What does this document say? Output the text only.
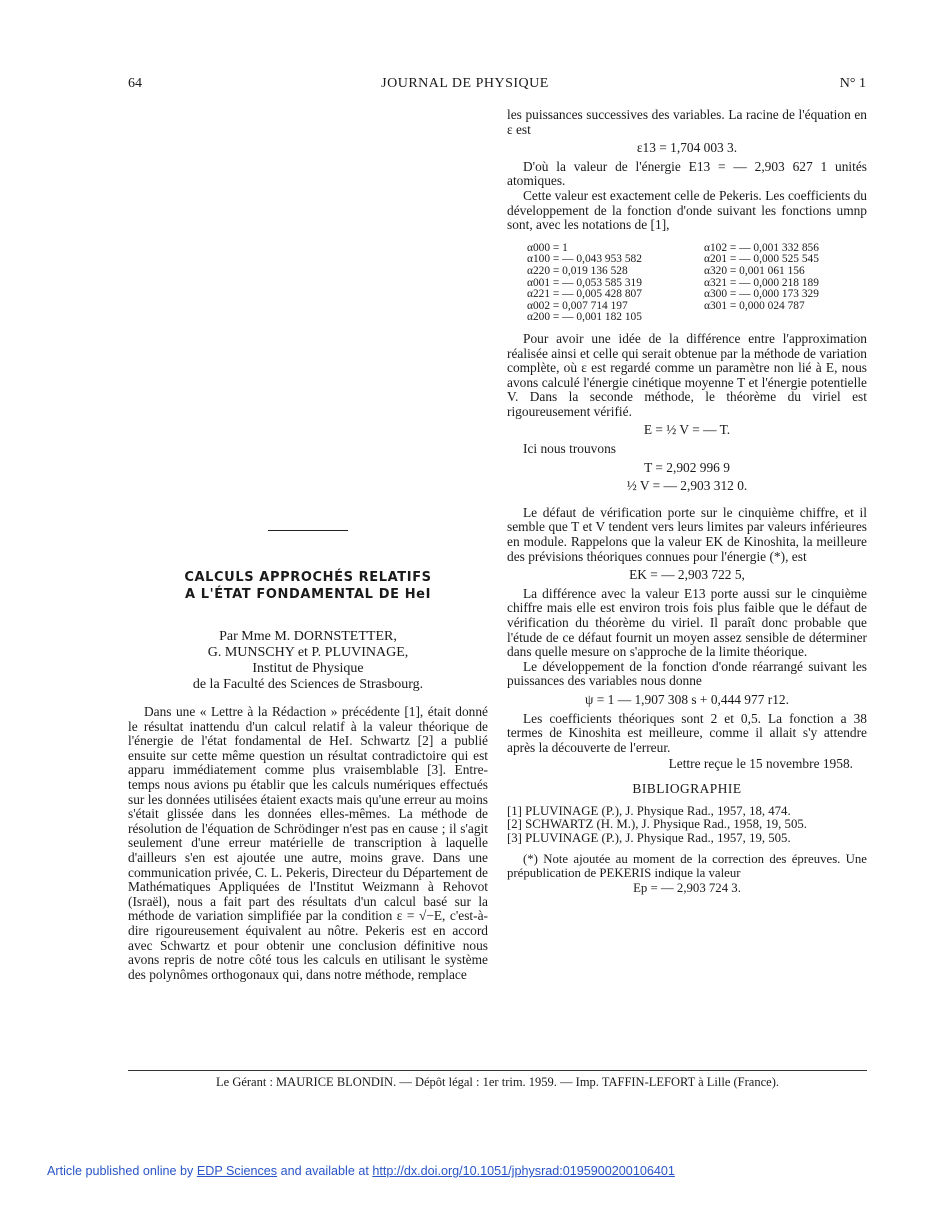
64	JOURNAL DE PHYSIQUE	N° 1
CALCULS APPROCHÉS RELATIFS
A L'ÉTAT FONDAMENTAL DE HeI
Par Mme M. DORNSTETTER,
G. MUNSCHY et P. PLUVINAGE,
Institut de Physique
de la Faculté des Sciences de Strasbourg.

Dans une « Lettre à la Rédaction » précédente [1], était donné le résultat inattendu d'un calcul relatif à la valeur théorique de l'énergie de l'état fondamental de HeI. Schwartz [2] a publié ensuite sur cette même question un résultat contradictoire qui est apparu immédiatement comme plus vraisemblable [3]. Entre-temps nous avions pu établir que les calculs numériques effectués sur les données utilisées étaient exacts mais qu'une erreur au moins s'était glissée dans les données elles-mêmes. La méthode de résolution de l'équation de Schrödinger n'est pas en cause ; il s'agit seulement d'une erreur matérielle de transcription à laquelle d'ailleurs s'en est ajoutée une autre, moins grave. Dans une communication privée, C. L. Pekeris, Directeur du Département de Mathématiques Appliquées de l'Institut Weizmann à Rehovot (Israël), nous a fait part des résultats d'un calcul basé sur la méthode de variation simplifiée par la condition ε = √−E, c'est-à-dire rigoureusement équivalent au nôtre. Pekeris est en accord avec Schwartz et pour obtenir une conclusion définitive nous avons repris de notre côté tous les calculs en utilisant le système des polynômes orthogonaux qui, dans notre méthode, remplace

les puissances successives des variables. La racine de l'équation en ε est

ε13 = 1,704 003 3.

D'où la valeur de l'énergie E13 = — 2,903 627 1 unités atomiques.

Cette valeur est exactement celle de Pekeris. Les coefficients du développement de la fonction d'onde suivant les fonctions umnp sont, avec les notations de [1],

α000 = 1
α100 = — 0,043 953 582
α220 = 0,019 136 528
α001 = — 0,053 585 319
α221 = — 0,005 428 807
α002 = 0,007 714 197
α200 = — 0,001 182 105
α102 = — 0,001 332 856
α201 = — 0,000 525 545
α320 = 0,001 061 156
α321 = — 0,000 218 189
α300 = — 0,000 173 329
α301 = 0,000 024 787

Pour avoir une idée de la différence entre l'approximation réalisée ainsi et celle qui serait obtenue par la méthode de variation complète, où ε est regardé comme un paramètre non lié à E, nous avons calculé l'énergie cinétique moyenne T et l'énergie potentielle V. Dans la seconde méthode, le théorème du viriel est rigoureusement vérifié.

E = ½ V = — T.

Ici nous trouvons

T = 2,902 996 9
½ V = — 2,903 312 0.

Le défaut de vérification porte sur le cinquième chiffre, et il semble que T et V tendent vers leurs limites par valeurs inférieures en module. Rappelons que la valeur EK de Kinoshita, la meilleure des prévisions théoriques connues pour l'énergie (*), est

EK = — 2,903 722 5,

La différence avec la valeur E13 porte aussi sur le cinquième chiffre mais elle est environ trois fois plus faible que le défaut de vérification du théorème du viriel. Il paraît donc probable que l'étude de ce défaut fournit un moyen assez sensible de déterminer dans quelle mesure on s'approche de la limite théorique.

Le développement de la fonction d'onde réarrangé suivant les puissances des variables nous donne

ψ = 1 — 1,907 308 s + 0,444 977 r12.

Les coefficients théoriques sont 2 et 0,5. La fonction a 38 termes de Kinoshita est meilleure, comme il allait s'y attendre après la découverte de l'erreur.

Lettre reçue le 15 novembre 1958.
BIBLIOGRAPHIE
[1] PLUVINAGE (P.), J. Physique Rad., 1957, 18, 474.
[2] SCHWARTZ (H. M.), J. Physique Rad., 1958, 19, 505.
[3] PLUVINAGE (P.), J. Physique Rad., 1957, 19, 505.

(*) Note ajoutée au moment de la correction des épreuves. Une prépublication de PEKERIS indique la valeur

Ep = — 2,903 724 3.
Le Gérant : MAURICE BLONDIN. — Dépôt légal : 1er trim. 1959. — Imp. TAFFIN-LEFORT à Lille (France).
Article published online by EDP Sciences and available at http://dx.doi.org/10.1051/jphysrad:0195900200106401
